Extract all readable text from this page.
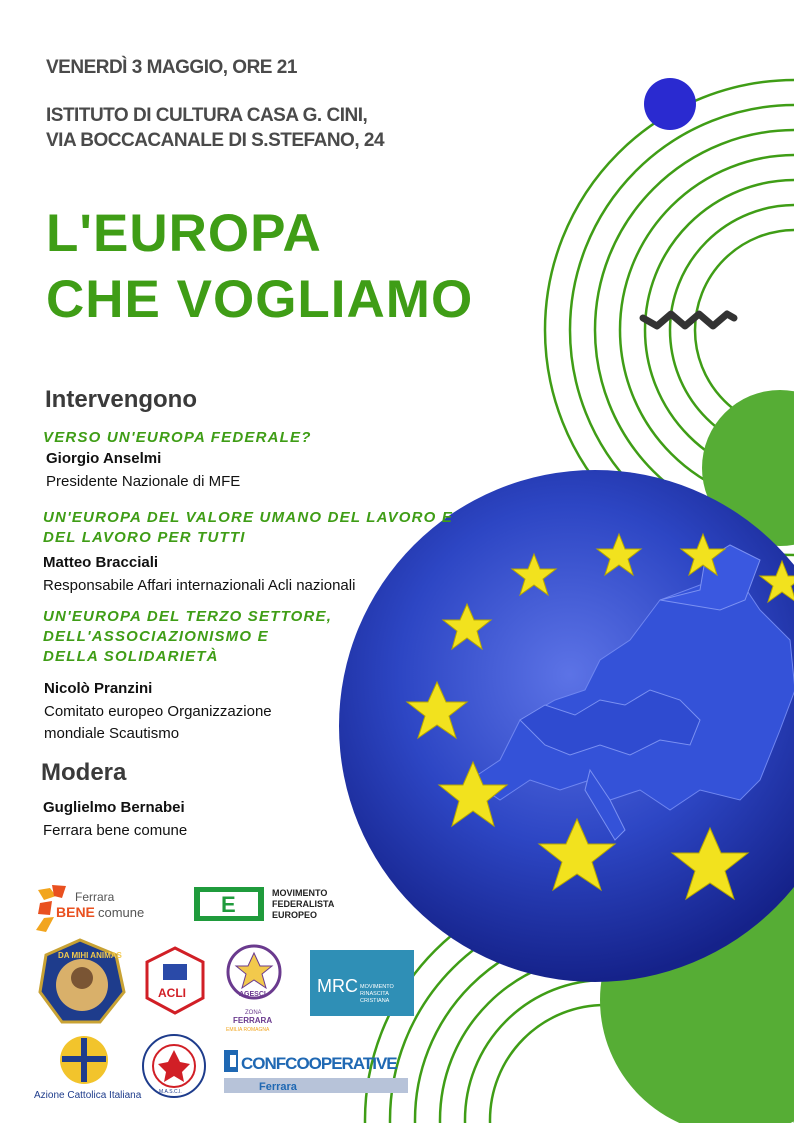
Ferrara
BENE comune	E	MOVIMENTO
FEDERALISTA
EUROPEO
DA MIHI ANIMAS
ACLI	AGESCI
ZONA
FERRARA
EMILIA ROMAGNA
MRC MOVIMENTO
RINASCITA
CRISTIANA
Azione Cattolica Italiana	M.A.S.C.I.
CONFCOOPERATIVE
Ferrara
VENERDÌ 3 MAGGIO, ORE 21
ISTITUTO DI CULTURA CASA G. CINI,
VIA BOCCACANALE DI S.STEFANO, 24
L'EUROPA
CHE VOGLIAMO
Intervengono
VERSO UN'EUROPA FEDERALE?
Giorgio Anselmi
Presidente Nazionale di MFE
UN'EUROPA DEL VALORE UMANO DEL LAVORO E
DEL LAVORO PER TUTTI
Matteo Bracciali
Responsabile Affari internazionali Acli nazionali
UN'EUROPA DEL TERZO SETTORE,
DELL'ASSOCIAZIONISMO E
DELLA SOLIDARIETÀ
Nicolò Pranzini
Comitato europeo Organizzazione
mondiale Scautismo
Modera
Guglielmo Bernabei
Ferrara bene comune
